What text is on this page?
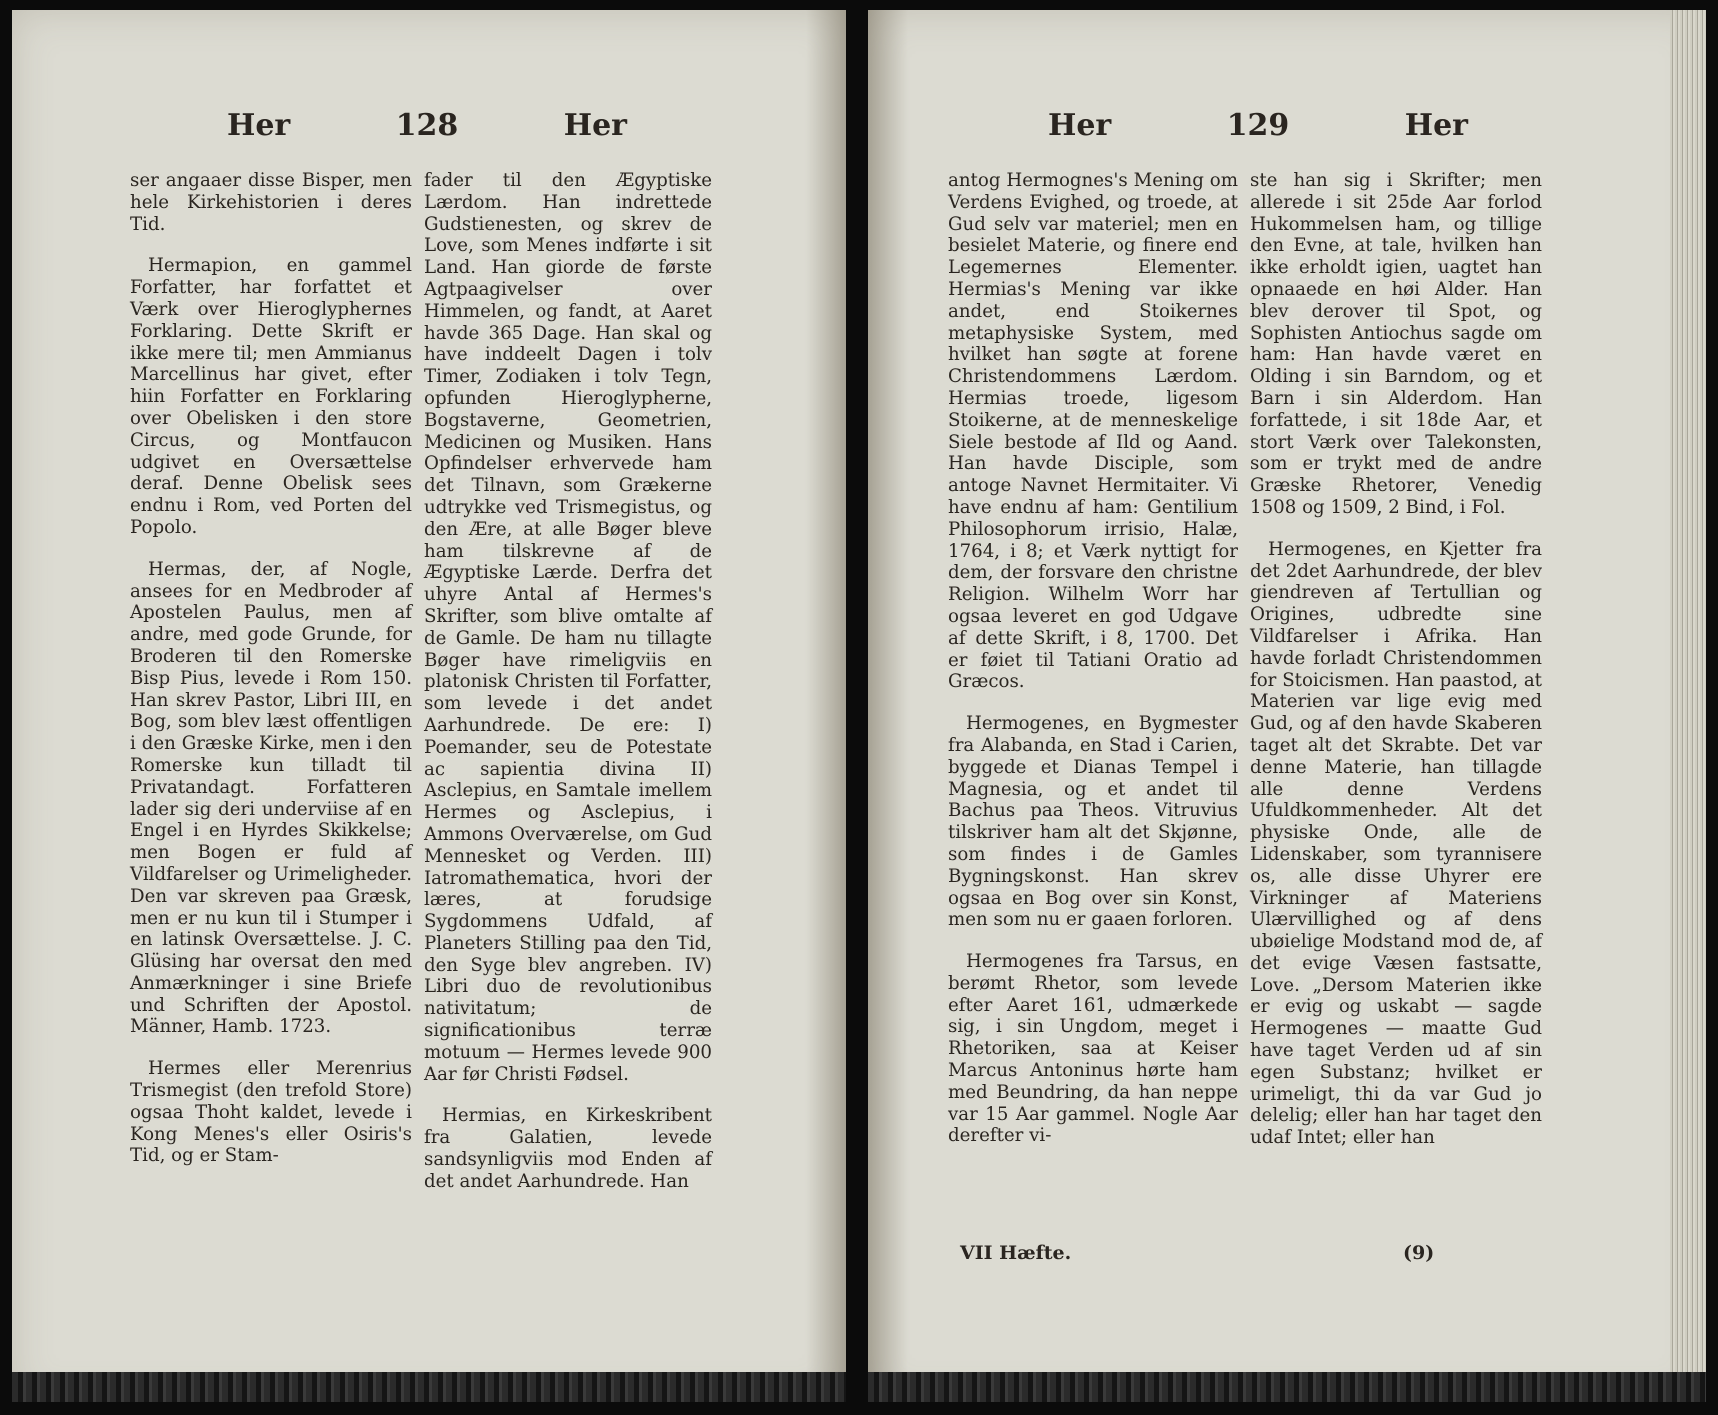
Her	128	Her

ser angaaer disse Bisper, men hele Kirkehistorien i deres Tid.

Hermapion, en gammel Forfatter, har forfattet et Værk over Hieroglyphernes Forklaring. Dette Skrift er ikke mere til; men Ammianus Marcellinus har givet, efter hiin Forfatter en Forklaring over Obelisken i den store Circus, og Montfaucon udgivet en Oversættelse deraf. Denne Obelisk sees endnu i Rom, ved Porten del Popolo.

Hermas, der, af Nogle, ansees for en Medbroder af Apostelen Paulus, men af andre, med gode Grunde, for Broderen til den Romerske Bisp Pius, levede i Rom 150. Han skrev Pastor, Libri III, en Bog, som blev læst offentligen i den Græske Kirke, men i den Romerske kun tilladt til Privatandagt. Forfatteren lader sig deri underviise af en Engel i en Hyrdes Skikkelse; men Bogen er fuld af Vildfarelser og Urimeligheder. Den var skreven paa Græsk, men er nu kun til i Stumper i en latinsk Oversættelse. J. C. Glüsing har oversat den med Anmærkninger i sine Briefe und Schriften der Apostol. Männer, Hamb. 1723.

Hermes eller Merenrius Trismegist (den trefold Store) ogsaa Thoht kaldet, levede i Kong Menes's eller Osiris's Tid, og er Stam-

fader til den Ægyptiske Lærdom. Han indrettede Gudstienesten, og skrev de Love, som Menes indførte i sit Land. Han giorde de første Agtpaagivelser over Himmelen, og fandt, at Aaret havde 365 Dage. Han skal og have inddeelt Dagen i tolv Timer, Zodiaken i tolv Tegn, opfunden Hieroglypherne, Bogstaverne, Geometrien, Medicinen og Musiken. Hans Opfindelser erhvervede ham det Tilnavn, som Grækerne udtrykke ved Trismegistus, og den Ære, at alle Bøger bleve ham tilskrevne af de Ægyptiske Lærde. Derfra det uhyre Antal af Hermes's Skrifter, som blive omtalte af de Gamle. De ham nu tillagte Bøger have rimeligviis en platonisk Christen til Forfatter, som levede i det andet Aarhundrede. De ere: I) Poemander, seu de Potestate ac sapientia divina II) Asclepius, en Samtale imellem Hermes og Asclepius, i Ammons Overværelse, om Gud Mennesket og Verden. III) Iatromathematica, hvori der læres, at forudsige Sygdommens Udfald, af Planeters Stilling paa den Tid, den Syge blev angreben. IV) Libri duo de revolutionibus nativitatum; de significationibus terræ motuum — Hermes levede 900 Aar før Christi Fødsel.

Hermias, en Kirkeskribent fra Galatien, levede sandsynligviis mod Enden af det andet Aarhundrede. Han

Her	129	Her

antog Hermognes's Mening om Verdens Evighed, og troede, at Gud selv var materiel; men en besielet Materie, og finere end Legemernes Elementer. Hermias's Mening var ikke andet, end Stoikernes metaphysiske System, med hvilket han søgte at forene Christendommens Lærdom. Hermias troede, ligesom Stoikerne, at de menneskelige Siele bestode af Ild og Aand. Han havde Disciple, som antoge Navnet Hermitaiter. Vi have endnu af ham: Gentilium Philosophorum irrisio, Halæ, 1764, i 8; et Værk nyttigt for dem, der forsvare den christne Religion. Wilhelm Worr har ogsaa leveret en god Udgave af dette Skrift, i 8, 1700. Det er føiet til Tatiani Oratio ad Græcos.

Hermogenes, en Bygmester fra Alabanda, en Stad i Carien, byggede et Dianas Tempel i Magnesia, og et andet til Bachus paa Theos. Vitruvius tilskriver ham alt det Skjønne, som findes i de Gamles Bygningskonst. Han skrev ogsaa en Bog over sin Konst, men som nu er gaaen forloren.

Hermogenes fra Tarsus, en berømt Rhetor, som levede efter Aaret 161, udmærkede sig, i sin Ungdom, meget i Rhetoriken, saa at Keiser Marcus Antoninus hørte ham med Beundring, da han neppe var 15 Aar gammel. Nogle Aar derefter vi-

ste han sig i Skrifter; men allerede i sit 25de Aar forlod Hukommelsen ham, og tillige den Evne, at tale, hvilken han ikke erholdt igien, uagtet han opnaaede en høi Alder. Han blev derover til Spot, og Sophisten Antiochus sagde om ham: Han havde været en Olding i sin Barndom, og et Barn i sin Alderdom. Han forfattede, i sit 18de Aar, et stort Værk over Talekonsten, som er trykt med de andre Græske Rhetorer, Venedig 1508 og 1509, 2 Bind, i Fol.

Hermogenes, en Kjetter fra det 2det Aarhundrede, der blev giendreven af Tertullian og Origines, udbredte sine Vildfarelser i Afrika. Han havde forladt Christendommen for Stoicismen. Han paastod, at Materien var lige evig med Gud, og af den havde Skaberen taget alt det Skrabte. Det var denne Materie, han tillagde alle denne Verdens Ufuldkommenheder. Alt det physiske Onde, alle de Lidenskaber, som tyrannisere os, alle disse Uhyrer ere Virkninger af Materiens Ulærvillighed og af dens ubøielige Modstand mod de, af det evige Væsen fastsatte, Love. „Dersom Materien ikke er evig og uskabt — sagde Hermogenes — maatte Gud have taget Verden ud af sin egen Substanz; hvilket er urimeligt, thi da var Gud jo delelig; eller han har taget den udaf Intet; eller han

VII Hæfte.	(9)
